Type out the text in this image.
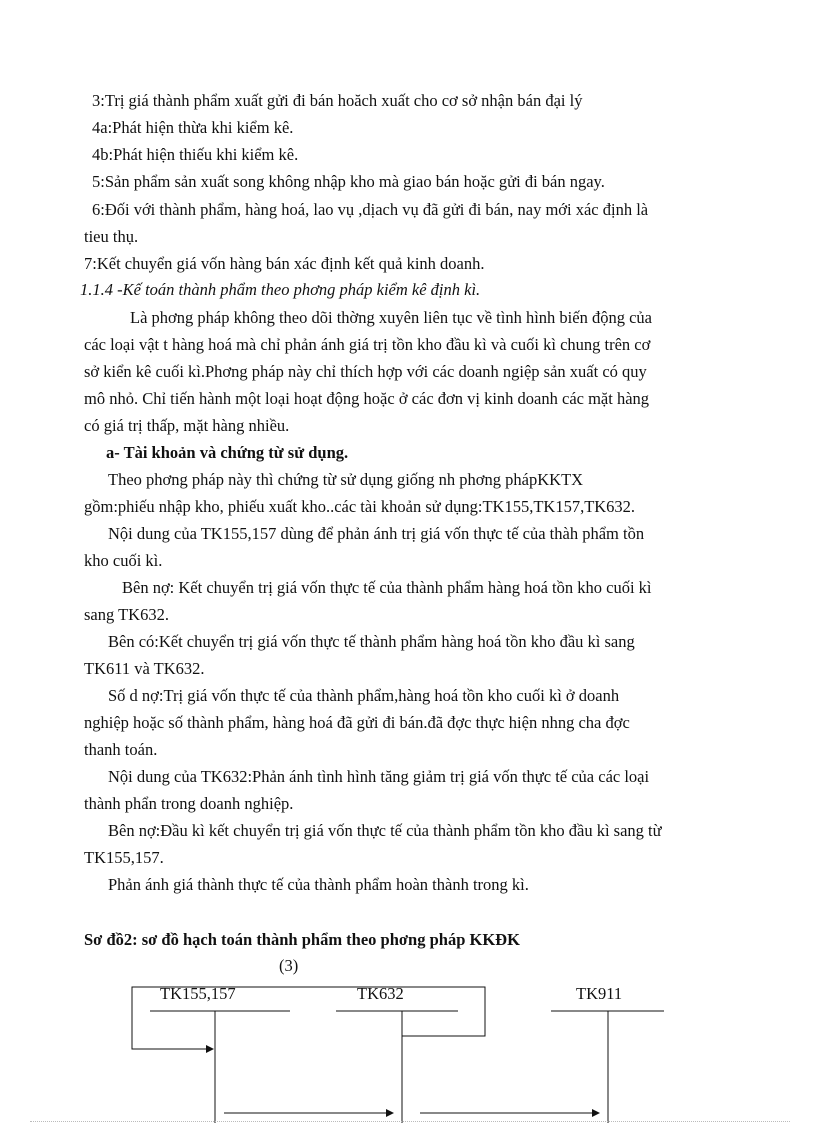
3:Trị giá thành phẩm xuất gửi đi bán hoăch xuất cho cơ sở nhận bán đại lý
4a:Phát hiện thừa khi kiểm kê.
4b:Phát hiện thiếu khi kiểm kê.
5:Sản phẩm sản xuất song không nhập kho mà giao bán hoặc gửi đi bán ngay.
6:Đối với thành phẩm, hàng hoá, lao vụ ,dịach vụ đã gửi đi bán, nay mới xác định là
tieu thụ.
7:Kết chuyển giá vốn hàng bán xác định kết quả kinh doanh.
1.1.4 -Kế toán thành phẩm theo phơng pháp kiểm kê định kì.
Là phơng pháp không theo dõi thờng xuyên liên tục về tình hình biến động của
các loại vật t hàng hoá mà chỉ phản ánh giá trị tồn kho đầu kì và cuối kì chung trên cơ
sở kiển kê cuối kì.Phơng pháp này chỉ thích hợp với các doanh ngiệp sản xuất có quy
mô nhỏ. Chỉ tiến hành một loại hoạt động hoặc ở các đơn vị kinh doanh các mặt hàng
có giá trị thấp, mặt hàng nhiều.
a- Tài khoản và chứng từ sử dụng.
Theo phơng pháp này thì chứng từ sử dụng giống nh phơng phápKKTX
gồm:phiếu nhập kho, phiếu xuất kho..các tài khoản sử dụng:TK155,TK157,TK632.
Nội dung của TK155,157 dùng để phản ánh trị giá vốn thực tế của thàh phẩm tồn
kho cuối kì.
Bên nợ: Kết chuyển trị giá vốn thực tế của thành phẩm hàng hoá tồn kho cuối kì
sang TK632.
Bên có:Kết chuyển trị giá vốn thực tế thành phẩm hàng hoá tồn kho đầu kì sang
TK611 và TK632.
Số d nợ:Trị giá vốn thực tế của thành phẩm,hàng hoá tồn kho cuối kì ở doanh
nghiệp hoặc số thành phẩm, hàng hoá đã gửi đi bán.đã đợc thực hiện nhng cha đợc
thanh toán.
Nội dung của TK632:Phản ánh tình hình tăng giảm trị giá vốn thực tế của các loại
thành phẩn trong doanh nghiệp.
Bên nợ:Đầu kì kết chuyển trị giá vốn thực tế của thành phẩm tồn kho đầu kì sang từ
TK155,157.
Phản ánh giá thành thực tế của thành phẩm hoàn thành trong kì.
Sơ đồ2: sơ đồ hạch toán thành phẩm theo phơng pháp KKĐK
(3)
TK155,157	TK632	TK911
